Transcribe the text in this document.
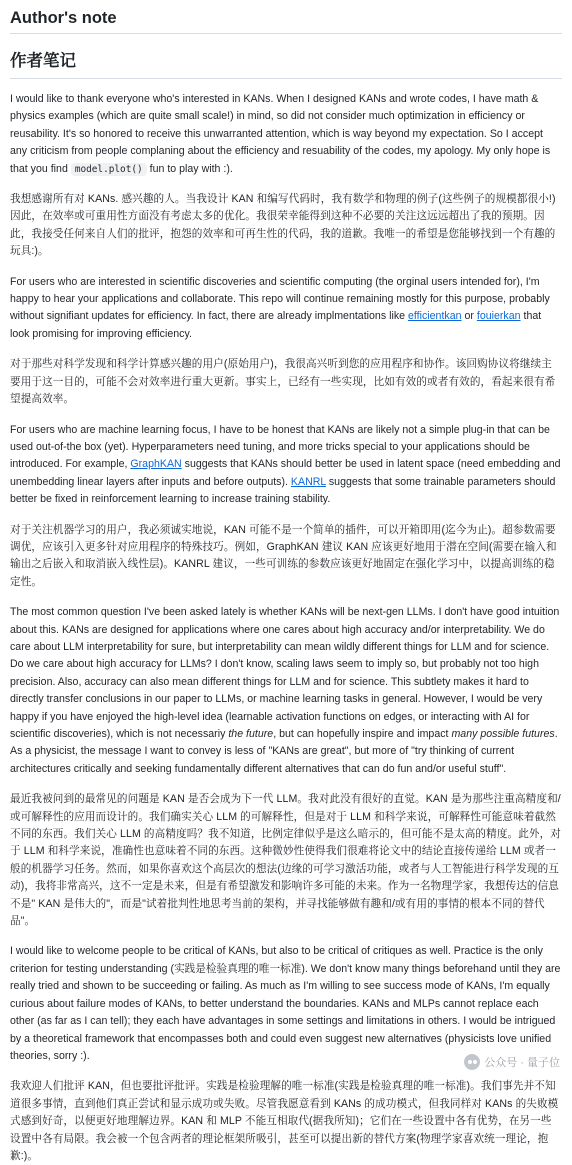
Author's note
作者笔记

I would like to thank everyone who's interested in KANs. When I designed KANs and wrote codes, I have math & physics examples (which are quite small scale!) in mind, so did not consider much optimization in efficiency or reusability. It's so honored to receive this unwarranted attention, which is way beyond my expectation. So I accept any criticism from people complaning about the efficiency and resuability of the codes, my apology. My only hope is that you find model.plot() fun to play with :).

我想感谢所有对 KANs. 感兴趣的人。当我设计 KAN 和编写代码时，我有数学和物理的例子(这些例子的规模都很小!) 因此，在效率或可重用性方面没有考虑太多的优化。我很荣幸能得到这种不必要的关注这远远超出了我的预期。因此，我接受任何来自人们的批评，抱怨的效率和可再生性的代码，我的道歉。我唯一的希望是您能够找到一个有趣的玩具:)。

For users who are interested in scientific discoveries and scientific computing (the orginal users intended for), I'm happy to hear your applications and collaborate. This repo will continue remaining mostly for this purpose, probably without signifiant updates for efficiency. In fact, there are already implmentations like efficientkan or fouierkan that look promising for improving efficiency.

对于那些对科学发现和科学计算感兴趣的用户(原始用户)，我很高兴听到您的应用程序和协作。该回购协议将继续主要用于这一目的，可能不会对效率进行重大更新。事实上，已经有一些实现，比如有效的或者有效的，看起来很有希望提高效率。

For users who are machine learning focus, I have to be honest that KANs are likely not a simple plug-in that can be used out-of-the box (yet). Hyperparameters need tuning, and more tricks special to your applications should be introduced. For example, GraphKAN suggests that KANs should better be used in latent space (need embedding and unembedding linear layers after inputs and before outputs). KANRL suggests that some trainable parameters should better be fixed in reinforcement learning to increase training stability.

对于关注机器学习的用户，我必须诚实地说，KAN 可能不是一个简单的插件，可以开箱即用(迄今为止)。超参数需要调优，应该引入更多针对应用程序的特殊技巧。例如，GraphKAN 建议 KAN 应该更好地用于潜在空间(需要在输入和输出之后嵌入和取消嵌入线性层)。KANRL 建议，一些可训练的参数应该更好地固定在强化学习中，以提高训练的稳定性。

The most common question I've been asked lately is whether KANs will be next-gen LLMs. I don't have good intuition about this. KANs are designed for applications where one cares about high accuracy and/or interpretability. We do care about LLM interpretability for sure, but interpretability can mean wildly different things for LLM and for science. Do we care about high accuracy for LLMs? I don't know, scaling laws seem to imply so, but probably not too high precision. Also, accuracy can also mean different things for LLM and for science. This subtlety makes it hard to directly transfer conclusions in our paper to LLMs, or machine learning tasks in general. However, I would be very happy if you have enjoyed the high-level idea (learnable activation functions on edges, or interacting with AI for scientific discoveries), which is not necessariy the future, but can hopefully inspire and impact many possible futures. As a physicist, the message I want to convey is less of "KANs are great", but more of "try thinking of current architectures critically and seeking fundamentally different alternatives that can do fun and/or useful stuff".

最近我被问到的最常见的问题是 KAN 是否会成为下一代 LLM。我对此没有很好的直觉。KAN 是为那些注重高精度和/或可解释性的应用而设计的。我们确实关心 LLM 的可解释性，但是对于 LLM 和科学来说，可解释性可能意味着截然不同的东西。我们关心 LLM 的高精度吗？我不知道，比例定律似乎是这么暗示的，但可能不是太高的精度。此外，对于 LLM 和科学来说，准确性也意味着不同的东西。这种微妙性使得我们很难将论文中的结论直接传递给 LLM 或者一般的机器学习任务。然而，如果你喜欢这个高层次的想法(边缘的可学习激活功能，或者与人工智能进行科学发现的互动)，我将非常高兴，这不一定是未来，但是有希望激发和影响许多可能的未来。作为一名物理学家，我想传达的信息不是" KAN 是伟大的"，而是"试着批判性地思考当前的架构，并寻找能够做有趣和/或有用的事情的根本不同的替代品"。

I would like to welcome people to be critical of KANs, but also to be critical of critiques as well. Practice is the only criterion for testing understanding (实践是检验真理的唯一标准). We don't know many things beforehand until they are really tried and shown to be succeeding or failing. As much as I'm willing to see success mode of KANs, I'm equally curious about failure modes of KANs, to better understand the boundaries. KANs and MLPs cannot replace each other (as far as I can tell); they each have advantages in some settings and limitations in others. I would be intrigued by a theoretical framework that encompasses both and could even suggest new alternatives (physicists love unified theories, sorry :).

我欢迎人们批评 KAN，但也要批评批评。实践是检验理解的唯一标准(实践是检验真理的唯一标准)。我们事先并不知道很多事情，直到他们真正尝试和显示成功或失败。尽管我愿意看到 KANs 的成功模式，但我同样对 KANs 的失败模式感到好奇，以便更好地理解边界。KAN 和 MLP 不能互相取代(据我所知)；它们在一些设置中各有优势，在另一些设置中各有局限。我会被一个包含两者的理论框架所吸引，甚至可以提出新的替代方案(物理学家喜欢统一理论，抱歉:)。

公众号 · 量子位
